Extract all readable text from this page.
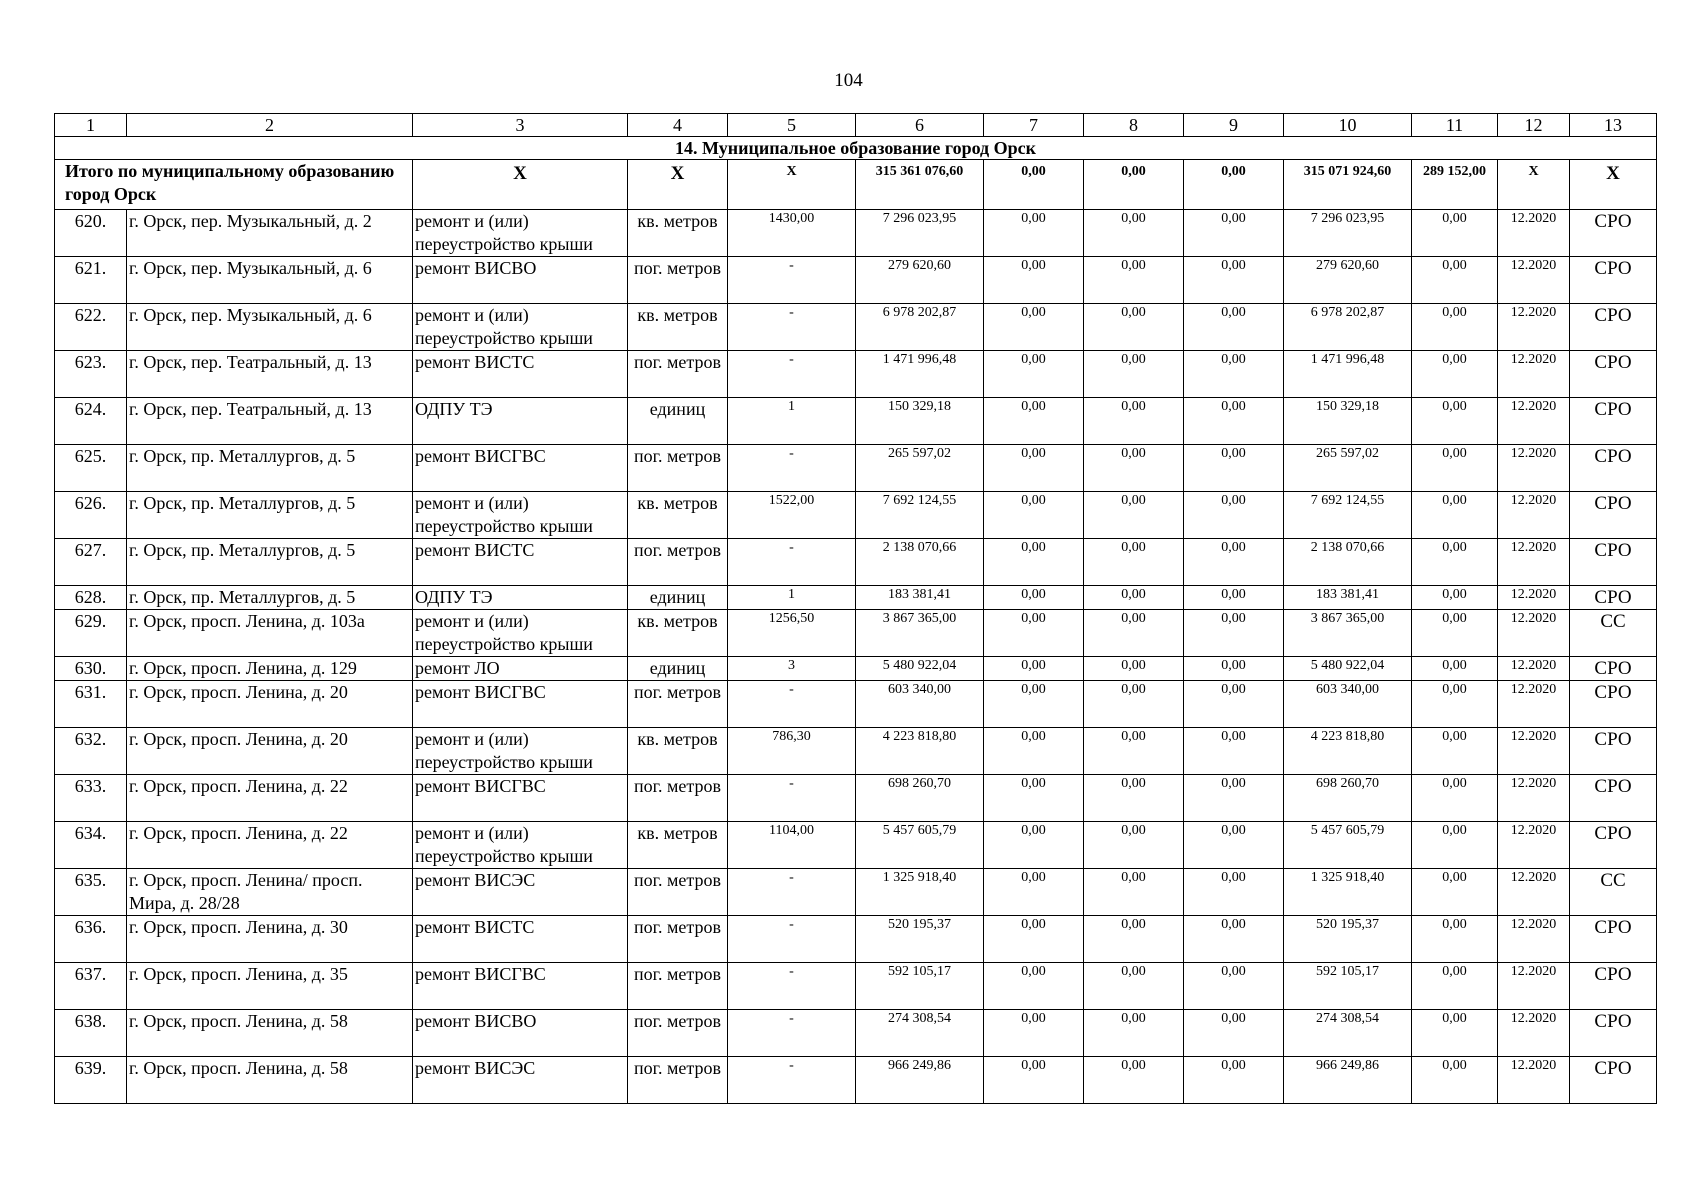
104
1	2	3	4	5	6	7	8	9	10	11	12	13
14. Муниципальное образование город Орск												
Итого по муниципальному образованию город Орск		Х	Х	X	315 361 076,60	0,00	0,00	0,00	315 071 924,60	289 152,00	X	Х
620.	г. Орск, пер. Музыкальный, д. 2	ремонт и (или) переустройство крыши	кв. метров	1430,00	7 296 023,95	0,00	0,00	0,00	7 296 023,95	0,00	12.2020	СРО
621.	г. Орск, пер. Музыкальный, д. 6	ремонт ВИСВО	пог. метров	-	279 620,60	0,00	0,00	0,00	279 620,60	0,00	12.2020	СРО
622.	г. Орск, пер. Музыкальный, д. 6	ремонт и (или) переустройство крыши	кв. метров	-	6 978 202,87	0,00	0,00	0,00	6 978 202,87	0,00	12.2020	СРО
623.	г. Орск, пер. Театральный, д. 13	ремонт ВИСТС	пог. метров	-	1 471 996,48	0,00	0,00	0,00	1 471 996,48	0,00	12.2020	СРО
624.	г. Орск, пер. Театральный, д. 13	ОДПУ ТЭ	единиц	1	150 329,18	0,00	0,00	0,00	150 329,18	0,00	12.2020	СРО
625.	г. Орск, пр. Металлургов, д. 5	ремонт ВИСГВС	пог. метров	-	265 597,02	0,00	0,00	0,00	265 597,02	0,00	12.2020	СРО
626.	г. Орск, пр. Металлургов, д. 5	ремонт и (или) переустройство крыши	кв. метров	1522,00	7 692 124,55	0,00	0,00	0,00	7 692 124,55	0,00	12.2020	СРО
627.	г. Орск, пр. Металлургов, д. 5	ремонт ВИСТС	пог. метров	-	2 138 070,66	0,00	0,00	0,00	2 138 070,66	0,00	12.2020	СРО
628.	г. Орск, пр. Металлургов, д. 5	ОДПУ ТЭ	единиц	1	183 381,41	0,00	0,00	0,00	183 381,41	0,00	12.2020	СРО
629.	г. Орск, просп. Ленина, д. 103а	ремонт и (или) переустройство крыши	кв. метров	1256,50	3 867 365,00	0,00	0,00	0,00	3 867 365,00	0,00	12.2020	СС
630.	г. Орск, просп. Ленина, д. 129	ремонт ЛО	единиц	3	5 480 922,04	0,00	0,00	0,00	5 480 922,04	0,00	12.2020	СРО
631.	г. Орск, просп. Ленина, д. 20	ремонт ВИСГВС	пог. метров	-	603 340,00	0,00	0,00	0,00	603 340,00	0,00	12.2020	СРО
632.	г. Орск, просп. Ленина, д. 20	ремонт и (или) переустройство крыши	кв. метров	786,30	4 223 818,80	0,00	0,00	0,00	4 223 818,80	0,00	12.2020	СРО
633.	г. Орск, просп. Ленина, д. 22	ремонт ВИСГВС	пог. метров	-	698 260,70	0,00	0,00	0,00	698 260,70	0,00	12.2020	СРО
634.	г. Орск, просп. Ленина, д. 22	ремонт и (или) переустройство крыши	кв. метров	1104,00	5 457 605,79	0,00	0,00	0,00	5 457 605,79	0,00	12.2020	СРО
635.	г. Орск, просп. Ленина/ просп. Мира, д. 28/28	ремонт ВИСЭС	пог. метров	-	1 325 918,40	0,00	0,00	0,00	1 325 918,40	0,00	12.2020	СС
636.	г. Орск, просп. Ленина, д. 30	ремонт ВИСТС	пог. метров	-	520 195,37	0,00	0,00	0,00	520 195,37	0,00	12.2020	СРО
637.	г. Орск, просп. Ленина, д. 35	ремонт ВИСГВС	пог. метров	-	592 105,17	0,00	0,00	0,00	592 105,17	0,00	12.2020	СРО
638.	г. Орск, просп. Ленина, д. 58	ремонт ВИСВО	пог. метров	-	274 308,54	0,00	0,00	0,00	274 308,54	0,00	12.2020	СРО
639.	г. Орск, просп. Ленина, д. 58	ремонт ВИСЭС	пог. метров	-	966 249,86	0,00	0,00	0,00	966 249,86	0,00	12.2020	СРО
